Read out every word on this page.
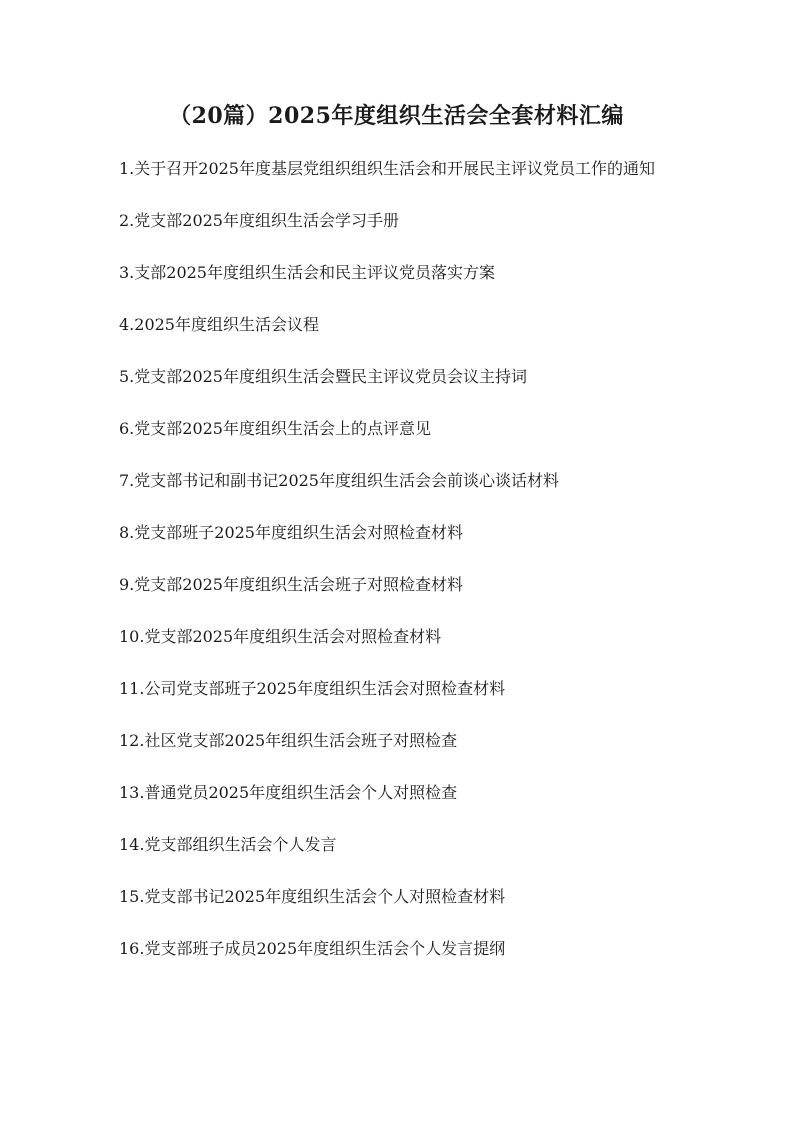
（20篇）2025年度组织生活会全套材料汇编
1.关于召开2025年度基层党组织组织生活会和开展民主评议党员工作的通知
2.党支部2025年度组织生活会学习手册
3.支部2025年度组织生活会和民主评议党员落实方案
4.2025年度组织生活会议程
5.党支部2025年度组织生活会暨民主评议党员会议主持词
6.党支部2025年度组织生活会上的点评意见
7.党支部书记和副书记2025年度组织生活会会前谈心谈话材料
8.党支部班子2025年度组织生活会对照检查材料
9.党支部2025年度组织生活会班子对照检查材料
10.党支部2025年度组织生活会对照检查材料
11.公司党支部班子2025年度组织生活会对照检查材料
12.社区党支部2025年组织生活会班子对照检查
13.普通党员2025年度组织生活会个人对照检查
14.党支部组织生活会个人发言
15.党支部书记2025年度组织生活会个人对照检查材料
16.党支部班子成员2025年度组织生活会个人发言提纲
